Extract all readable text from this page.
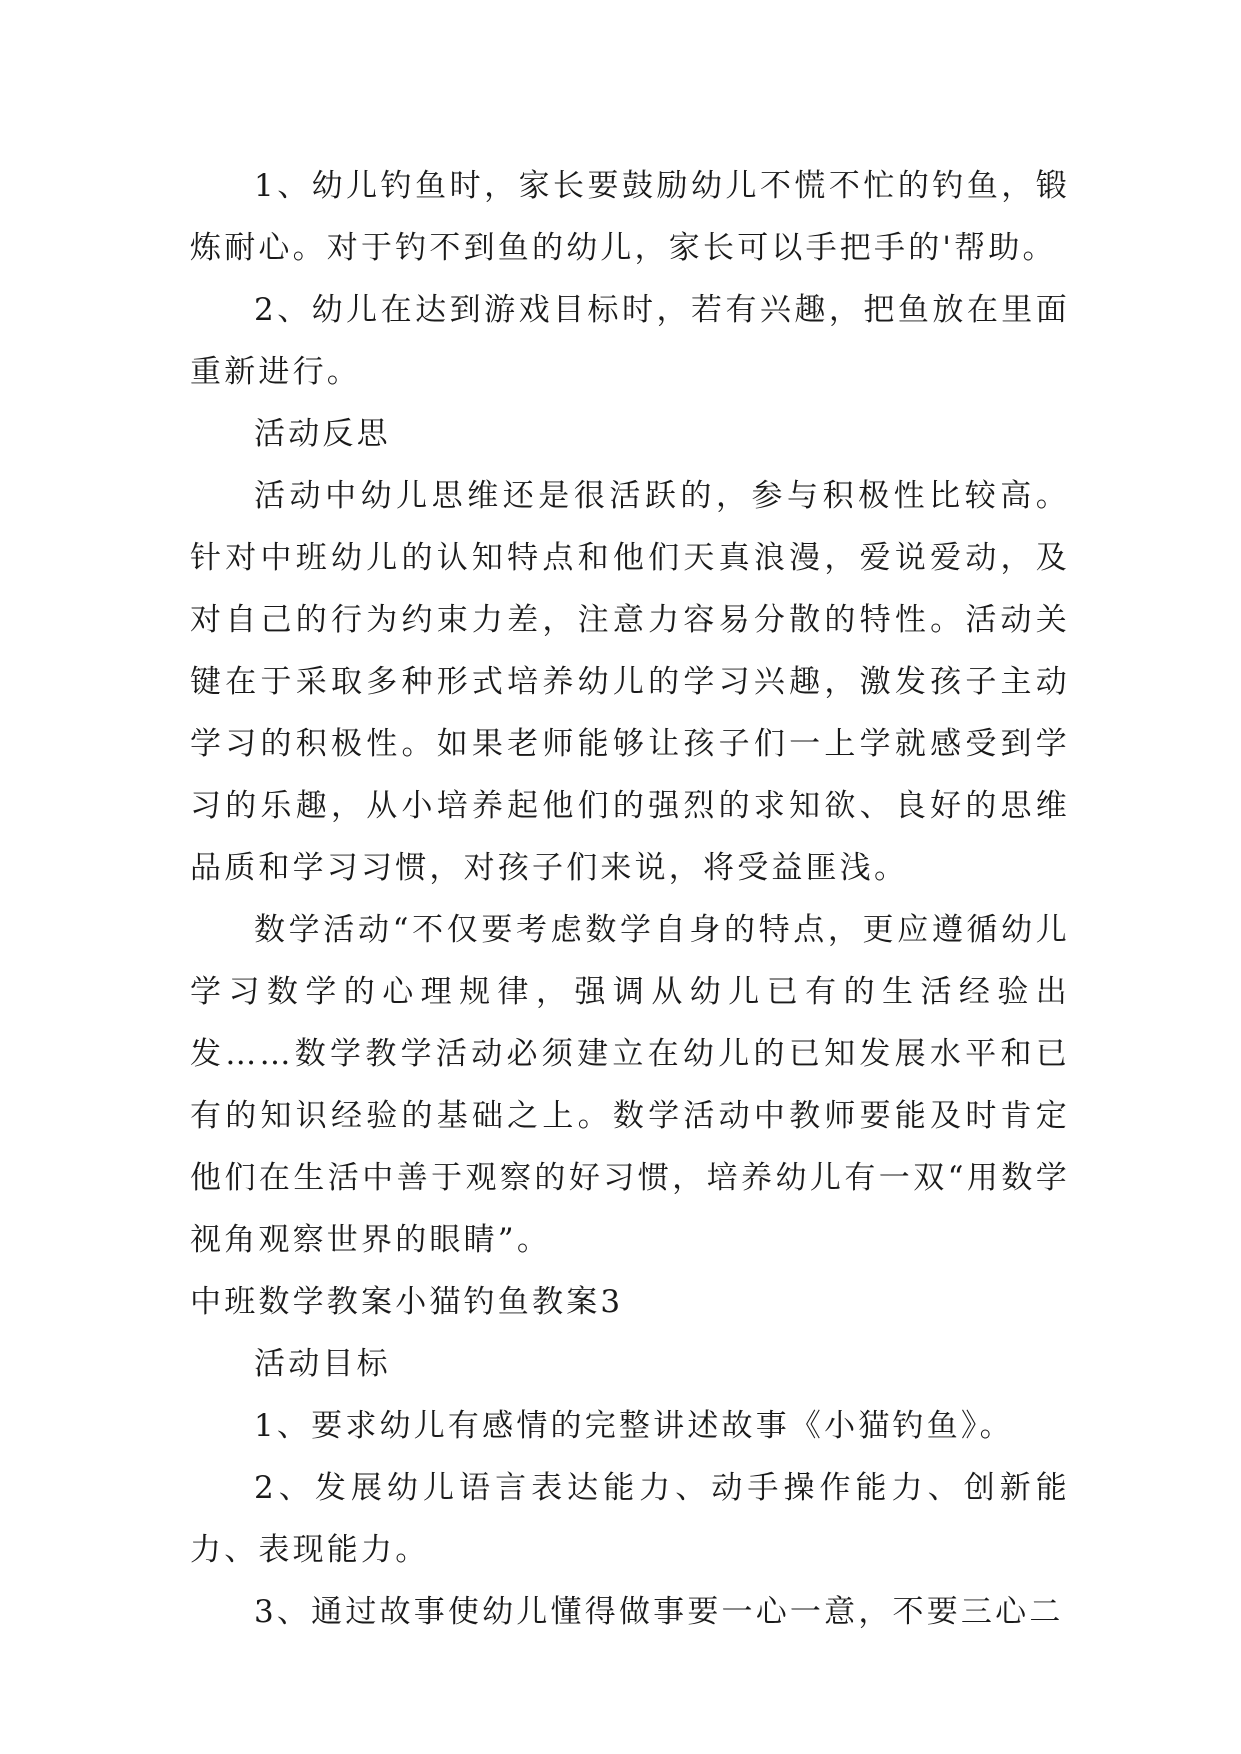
1、幼儿钓鱼时，家长要鼓励幼儿不慌不忙的钓鱼，锻炼耐心。对于钓不到鱼的幼儿，家长可以手把手的'帮助。

2、幼儿在达到游戏目标时，若有兴趣，把鱼放在里面重新进行。

活动反思

活动中幼儿思维还是很活跃的，参与积极性比较高。针对中班幼儿的认知特点和他们天真浪漫，爱说爱动，及对自己的行为约束力差，注意力容易分散的特性。活动关键在于采取多种形式培养幼儿的学习兴趣，激发孩子主动学习的积极性。如果老师能够让孩子们一上学就感受到学习的乐趣，从小培养起他们的强烈的求知欲、良好的思维品质和学习习惯，对孩子们来说，将受益匪浅。

数学活动“不仅要考虑数学自身的特点，更应遵循幼儿学习数学的心理规律，强调从幼儿已有的生活经验出发……数学教学活动必须建立在幼儿的已知发展水平和已有的知识经验的基础之上。数学活动中教师要能及时肯定他们在生活中善于观察的好习惯，培养幼儿有一双“用数学视角观察世界的眼睛”。

中班数学教案小猫钓鱼教案3

活动目标

1、要求幼儿有感情的完整讲述故事《小猫钓鱼》。

2、发展幼儿语言表达能力、动手操作能力、创新能力、表现能力。

3、通过故事使幼儿懂得做事要一心一意，不要三心二
